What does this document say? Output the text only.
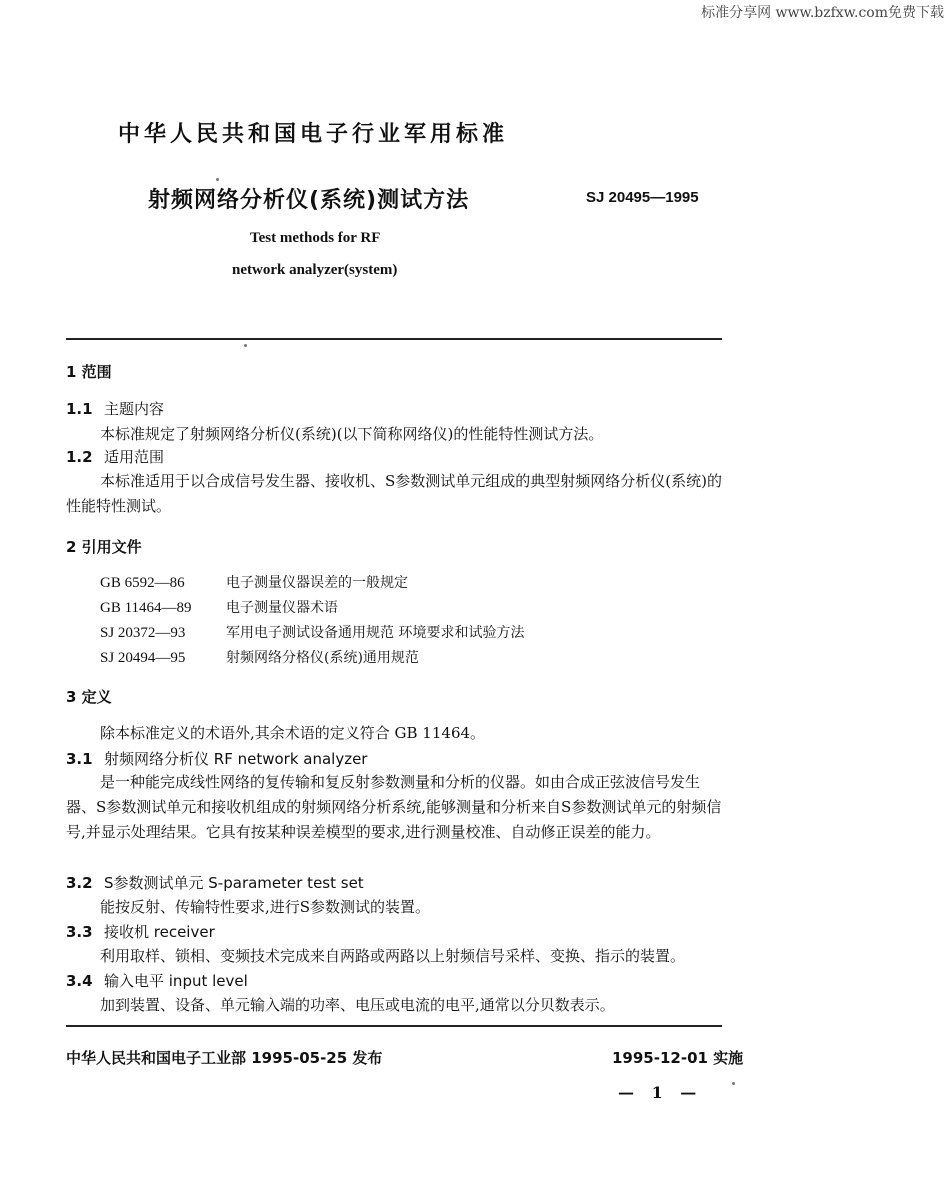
标准分享网 www.bzfxw.com免费下载
中华人民共和国电子行业军用标准
射频网络分析仪(系统)测试方法	SJ 20495—1995
Test methods for RF
network analyzer(system)
1 范围
1.1 主题内容
本标准规定了射频网络分析仪(系统)(以下简称网络仪)的性能特性测试方法。
1.2 适用范围
本标准适用于以合成信号发生器、接收机、S参数测试单元组成的典型射频网络分析仪(系统)的性能特性测试。
2 引用文件
GB 6592—86	电子测量仪器误差的一般规定
GB 11464—89 电子测量仪器术语
SJ 20372—93	军用电子测试设备通用规范 环境要求和试验方法
SJ 20494—95	射频网络分格仪(系统)通用规范
3 定义
除本标准定义的术语外,其余术语的定义符合 GB 11464。
3.1 射频网络分析仪 RF network analyzer
是一种能完成线性网络的复传输和复反射参数测量和分析的仪器。如由合成正弦波信号发生器、S参数测试单元和接收机组成的射频网络分析系统,能够测量和分析来自S参数测试单元的射频信号,并显示处理结果。它具有按某种误差模型的要求,进行测量校准、自动修正误差的能力。
3.2 S参数测试单元 S-parameter test set
能按反射、传输特性要求,进行S参数测试的装置。
3.3 接收机 receiver
利用取样、锁相、变频技术完成来自两路或两路以上射频信号采样、变换、指示的装置。
3.4 输入电平 input level
加到装置、设备、单元输入端的功率、电压或电流的电平,通常以分贝数表示。
中华人民共和国电子工业部 1995-05-25 发布	1995-12-01 实施
— 1 —
